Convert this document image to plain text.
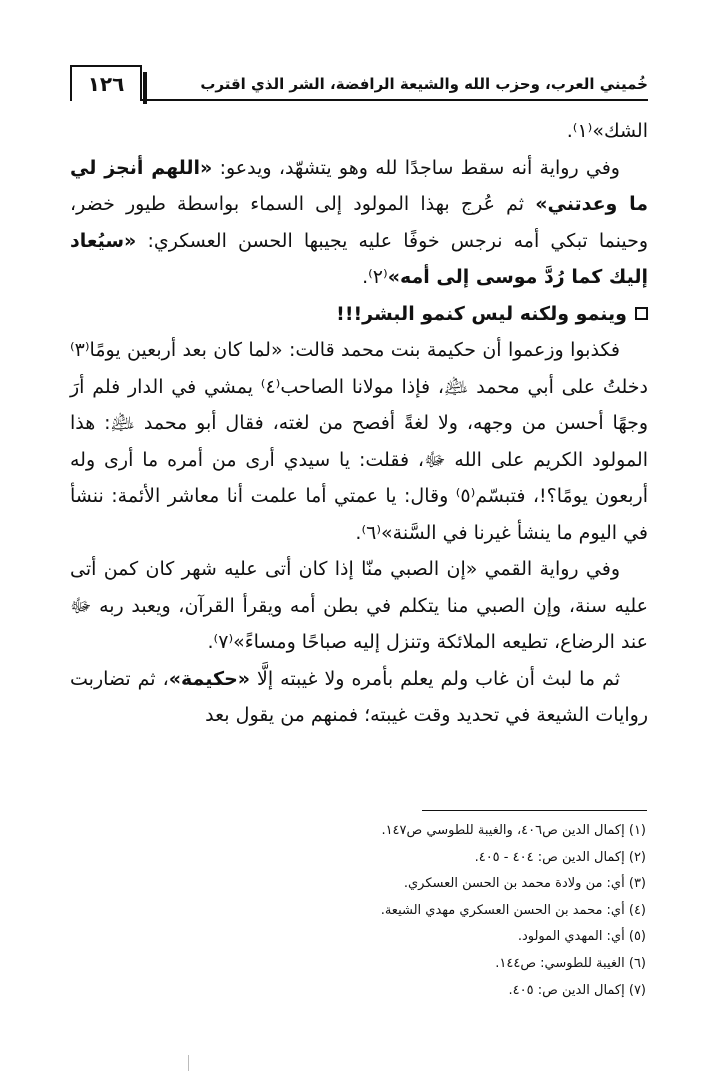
١٢٦	خُميني العرب، وحزب الله والشيعة الرافضة، الشر الذي اقترب

الشك»⁽١⁾.

وفي رواية أنه سقط ساجدًا لله وهو يتشهّد، ويدعو: «اللهم أنجز لي ما وعدتني» ثم عُرج بهذا المولود إلى السماء بواسطة طيور خضر، وحينما تبكي أمه نرجس خوفًا عليه يجيبها الحسن العسكري: «سيُعاد إليك كما رُدَّ موسى إلى أمه»⁽٢⁾.

وينمو ولكنه ليس كنمو البشر!!!

فكذبوا وزعموا أن حكيمة بنت محمد قالت: «لما كان بعد أربعين يومًا⁽٣⁾ دخلتُ على أبي محمد ﵇، فإذا مولانا الصاحب⁽٤⁾ يمشي في الدار فلم أرَ وجهًا أحسن من وجهه، ولا لغةً أفصح من لغته، فقال أبو محمد ﵇: هذا المولود الكريم على الله ﷻ، فقلت: يا سيدي أرى من أمره ما أرى وله أربعون يومًا؟!، فتبسّم⁽٥⁾ وقال: يا عمتي أما علمت أنا معاشر الأئمة: ننشأ في اليوم ما ينشأ غيرنا في السَّنة»⁽٦⁾.

وفي رواية القمي «إن الصبي منّا إذا كان أتى عليه شهر كان كمن أتى عليه سنة، وإن الصبي منا يتكلم في بطن أمه ويقرأ القرآن، ويعبد ربه ﷻ عند الرضاع، تطيعه الملائكة وتنزل إليه صباحًا ومساءً»⁽٧⁾.

ثم ما لبث أن غاب ولم يعلم بأمره ولا غيبته إلَّا «حكيمة»، ثم تضاربت روايات الشيعة في تحديد وقت غيبته؛ فمنهم من يقول بعد

(١) إكمال الدين ص٤٠٦، والغيبة للطوسي ص١٤٧.
(٢) إكمال الدين ص: ٤٠٤ - ٤٠٥.
(٣) أي: من ولادة محمد بن الحسن العسكري.
(٤) أي: محمد بن الحسن العسكري مهدي الشيعة.
(٥) أي: المهدي المولود.
(٦) الغيبة للطوسي: ص١٤٤.
(٧) إكمال الدين ص: ٤٠٥.
